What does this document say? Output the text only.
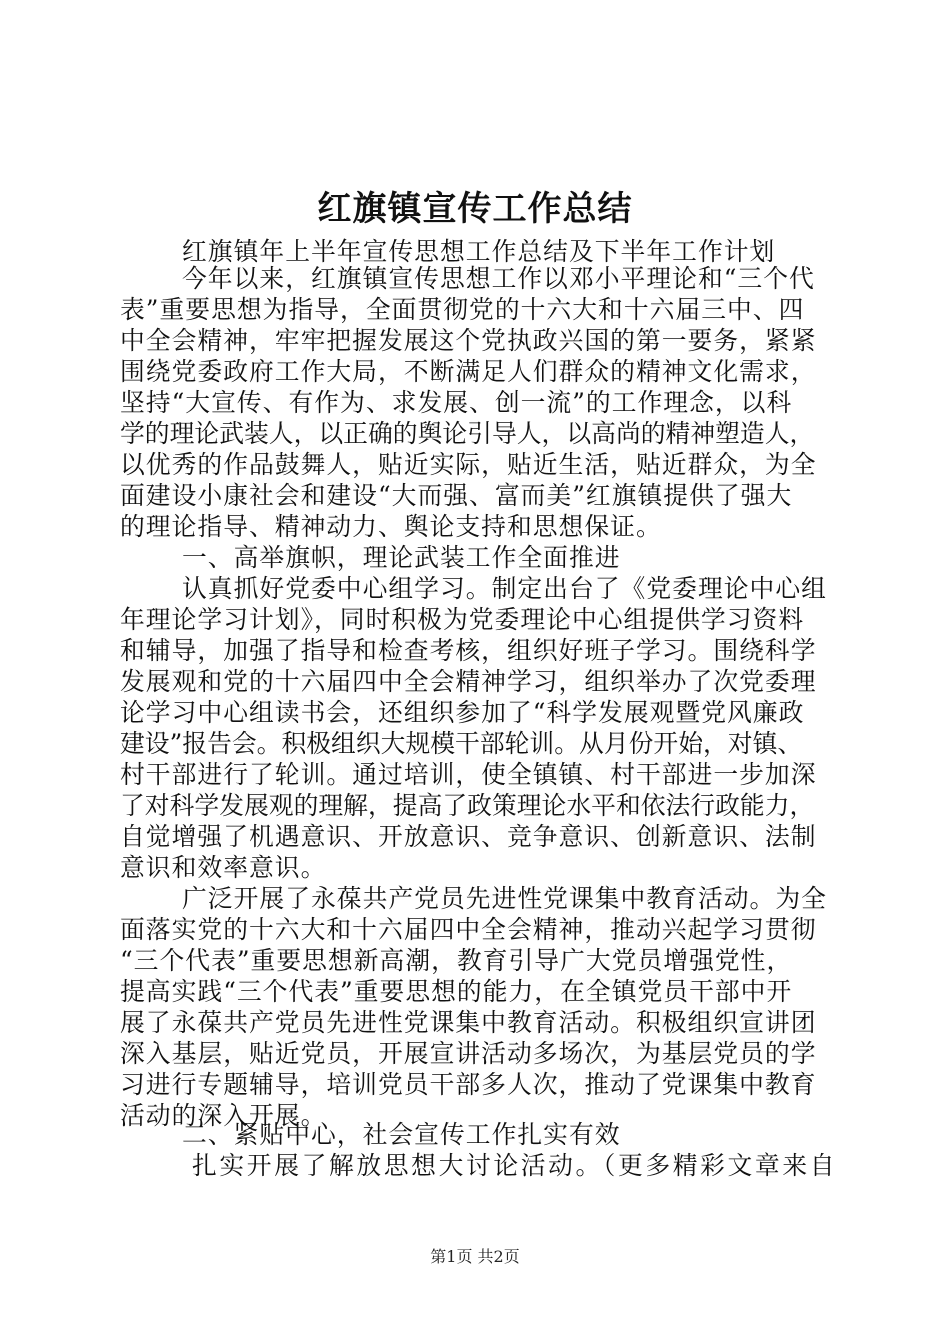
红旗镇宣传工作总结
红旗镇年上半年宣传思想工作总结及下半年工作计划
今年以来，红旗镇宣传思想工作以邓小平理论和“三个代
表”重要思想为指导，全面贯彻党的十六大和十六届三中、四
中全会精神，牢牢把握发展这个党执政兴国的第一要务，紧紧
围绕党委政府工作大局，不断满足人们群众的精神文化需求，
坚持“大宣传、有作为、求发展、创一流”的工作理念，以科
学的理论武装人，以正确的舆论引导人，以高尚的精神塑造人，
以优秀的作品鼓舞人，贴近实际，贴近生活，贴近群众，为全
面建设小康社会和建设“大而强、富而美”红旗镇提供了强大
的理论指导、精神动力、舆论支持和思想保证。
一、高举旗帜，理论武装工作全面推进
认真抓好党委中心组学习。制定出台了《党委理论中心组
年理论学习计划》，同时积极为党委理论中心组提供学习资料
和辅导，加强了指导和检查考核，组织好班子学习。围绕科学
发展观和党的十六届四中全会精神学习，组织举办了次党委理
论学习中心组读书会，还组织参加了“科学发展观暨党风廉政
建设”报告会。积极组织大规模干部轮训。从月份开始，对镇、
村干部进行了轮训。通过培训，使全镇镇、村干部进一步加深
了对科学发展观的理解，提高了政策理论水平和依法行政能力，
自觉增强了机遇意识、开放意识、竞争意识、创新意识、法制
意识和效率意识。
广泛开展了永葆共产党员先进性党课集中教育活动。为全
面落实党的十六大和十六届四中全会精神，推动兴起学习贯彻
“三个代表”重要思想新高潮，教育引导广大党员增强党性，
提高实践“三个代表”重要思想的能力，在全镇党员干部中开
展了永葆共产党员先进性党课集中教育活动。积极组织宣讲团
深入基层，贴近党员，开展宣讲活动多场次，为基层党员的学
习进行专题辅导，培训党员干部多人次，推动了党课集中教育
活动的深入开展。
二、紧贴中心，社会宣传工作扎实有效
扎实开展了解放思想大讨论活动。（更多精彩文章来自
第1页 共2页
